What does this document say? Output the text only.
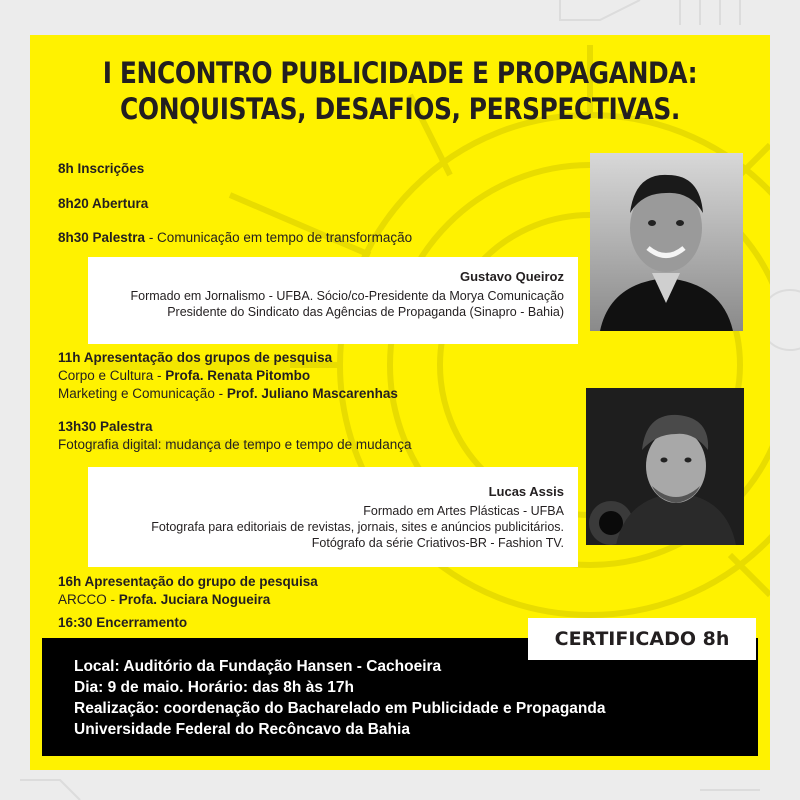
I ENCONTRO PUBLICIDADE E PROPAGANDA:
CONQUISTAS, DESAFIOS, PERSPECTIVAS.
8h Inscrições
8h20 Abertura
8h30 Palestra - Comunicação em tempo de transformação
Gustavo Queiroz
Formado em Jornalismo - UFBA. Sócio/co-Presidente da Morya Comunicação
Presidente do Sindicato das Agências de Propaganda (Sinapro - Bahia)
11h Apresentação dos grupos de pesquisa
Corpo e Cultura - Profa. Renata Pitombo
Marketing e Comunicação - Prof. Juliano Mascarenhas
13h30 Palestra
Fotografia digital: mudança de tempo e tempo de mudança
Lucas Assis
Formado em Artes Plásticas - UFBA
Fotografa para editoriais de revistas, jornais, sites e anúncios publicitários.
Fotógrafo da série Criativos-BR - Fashion TV.
16h Apresentação do grupo de pesquisa
ARCCO - Profa. Juciara Nogueira
16:30 Encerramento
CERTIFICADO 8h
Local: Auditório da Fundação Hansen - Cachoeira
Dia: 9 de maio. Horário: das 8h às 17h
Realização: coordenação do Bacharelado em Publicidade e Propaganda
Universidade Federal do Recôncavo da Bahia
